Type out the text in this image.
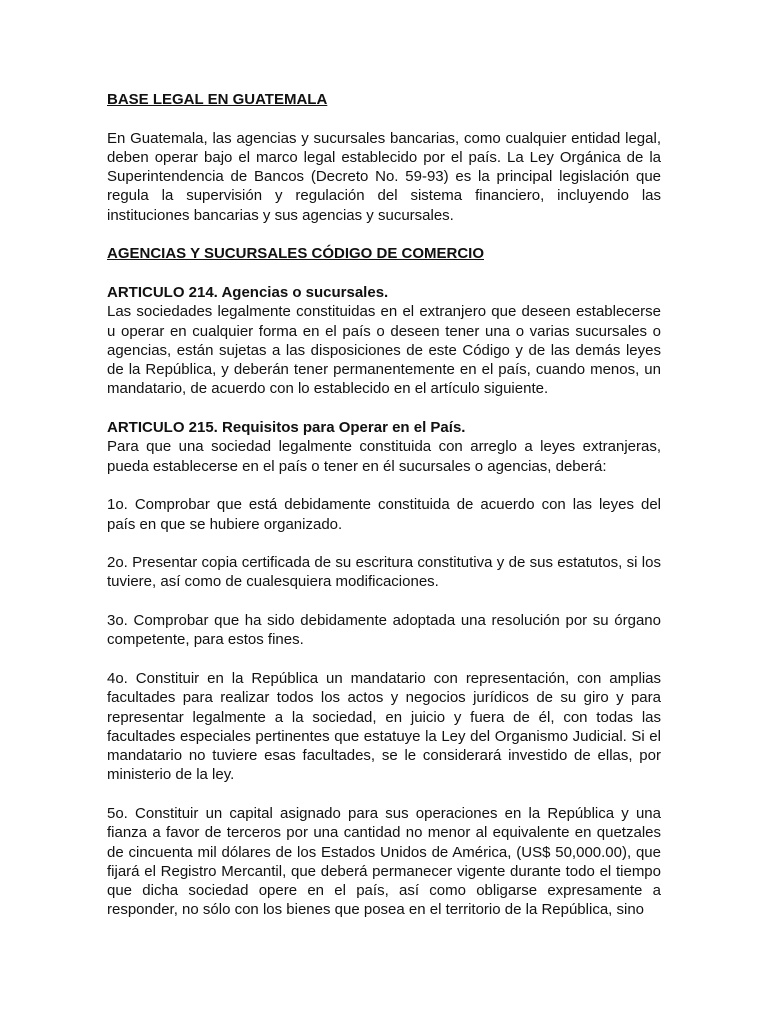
BASE LEGAL EN GUATEMALA

En Guatemala, las agencias y sucursales bancarias, como cualquier entidad legal, deben operar bajo el marco legal establecido por el país. La Ley Orgánica de la Superintendencia de Bancos (Decreto No. 59-93) es la principal legislación que regula la supervisión y regulación del sistema financiero, incluyendo las instituciones bancarias y sus agencias y sucursales.

AGENCIAS Y SUCURSALES CÓDIGO DE COMERCIO

ARTICULO 214. Agencias o sucursales.

Las sociedades legalmente constituidas en el extranjero que deseen establecerse u operar en cualquier forma en el país o deseen tener una o varias sucursales o agencias, están sujetas a las disposiciones de este Código y de las demás leyes de la República, y deberán tener permanentemente en el país, cuando menos, un mandatario, de acuerdo con lo establecido en el artículo siguiente.

ARTICULO 215. Requisitos para Operar en el País.

Para que una sociedad legalmente constituida con arreglo a leyes extranjeras, pueda establecerse en el país o tener en él sucursales o agencias, deberá:

1o. Comprobar que está debidamente constituida de acuerdo con las leyes del país en que se hubiere organizado.

2o. Presentar copia certificada de su escritura constitutiva y de sus estatutos, si los tuviere, así como de cualesquiera modificaciones.

3o. Comprobar que ha sido debidamente adoptada una resolución por su órgano competente, para estos fines.

4o. Constituir en la República un mandatario con representación, con amplias facultades para realizar todos los actos y negocios jurídicos de su giro y para representar legalmente a la sociedad, en juicio y fuera de él, con todas las facultades especiales pertinentes que estatuye la Ley del Organismo Judicial. Si el mandatario no tuviere esas facultades, se le considerará investido de ellas, por ministerio de la ley.

5o. Constituir un capital asignado para sus operaciones en la República y una fianza a favor de terceros por una cantidad no menor al equivalente en quetzales de cincuenta mil dólares de los Estados Unidos de América, (US$ 50,000.00), que fijará el Registro Mercantil, que deberá permanecer vigente durante todo el tiempo que dicha sociedad opere en el país, así como obligarse expresamente a responder, no sólo con los bienes que posea en el territorio de la República, sino
